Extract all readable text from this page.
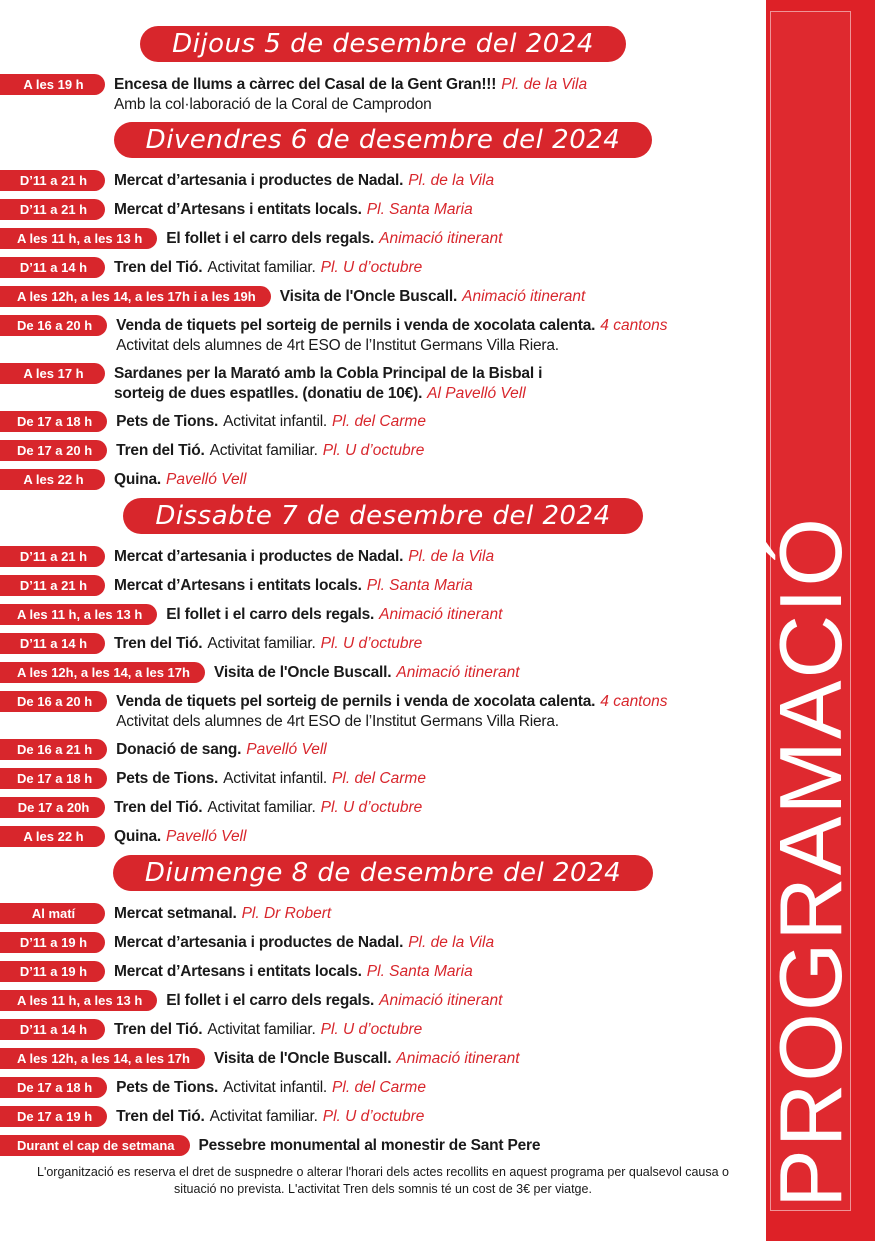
Dijous 5 de desembre del 2024
A les 19 h	Encesa de llums a càrrec del Casal de la Gent Gran!!! Pl. de la Vila
Amb la col·laboració de la Coral de Camprodon
Divendres 6 de desembre del 2024
D’11 a 21 h	Mercat d’artesania i productes de Nadal. Pl. de la Vila
D’11 a 21 h	Mercat d’Artesans i entitats locals. Pl. Santa Maria
A les 11 h, a les 13 h	El follet i el carro dels regals. Animació itinerant
D’11 a 14 h	Tren del Tió. Activitat familiar. Pl. U d’octubre
A les 12h, a les 14, a les 17h i a les 19h	Visita de l'Oncle Buscall. Animació itinerant
De 16 a 20 h	Venda de tiquets pel sorteig de pernils i venda de xocolata calenta. 4 cantons
Activitat dels alumnes de 4rt ESO de l’Institut Germans Villa Riera.
A les 17 h	Sardanes per la Marató amb la Cobla Principal de la Bisbal i
sorteig de dues espatlles. (donatiu de 10€). Al Pavelló Vell
De 17 a 18 h	Pets de Tions. Activitat infantil. Pl. del Carme
De 17 a 20 h	Tren del Tió. Activitat familiar. Pl. U d’octubre
A les 22 h	Quina. Pavelló Vell
Dissabte 7 de desembre del 2024
D’11 a 21 h	Mercat d’artesania i productes de Nadal. Pl. de la Vila
D’11 a 21 h	Mercat d’Artesans i entitats locals. Pl. Santa Maria
A les 11 h, a les 13 h	El follet i el carro dels regals. Animació itinerant
D’11 a 14 h	Tren del Tió. Activitat familiar. Pl. U d’octubre
A les 12h, a les 14, a les 17h	Visita de l'Oncle Buscall. Animació itinerant
De 16 a 20 h	Venda de tiquets pel sorteig de pernils i venda de xocolata calenta. 4 cantons
Activitat dels alumnes de 4rt ESO de l’Institut Germans Villa Riera.
De 16 a 21 h	Donació de sang. Pavelló Vell
De 17 a 18 h	Pets de Tions. Activitat infantil. Pl. del Carme
De 17 a 20h	Tren del Tió. Activitat familiar. Pl. U d’octubre
A les 22 h	Quina. Pavelló Vell
Diumenge 8 de desembre del 2024
Al matí	Mercat setmanal. Pl. Dr Robert
D’11 a 19 h	Mercat d’artesania i productes de Nadal. Pl. de la Vila
D’11 a 19 h	Mercat d’Artesans i entitats locals. Pl. Santa Maria
A les 11 h, a les 13 h	El follet i el carro dels regals. Animació itinerant
D’11 a 14 h	Tren del Tió. Activitat familiar. Pl. U d’octubre
A les 12h, a les 14, a les 17h	Visita de l'Oncle Buscall. Animació itinerant
De 17 a 18 h	Pets de Tions. Activitat infantil. Pl. del Carme
De 17 a 19 h	Tren del Tió. Activitat familiar. Pl. U d’octubre
Durant el cap de setmana	Pessebre monumental al monestir de Sant Pere
L'organització es reserva el dret de suspnedre o alterar l'horari dels actes recollits en aquest programa per qualsevol causa o situació no prevista. L'activitat Tren dels somnis té un cost de 3€ per viatge.	PROGRAMACIÓ
